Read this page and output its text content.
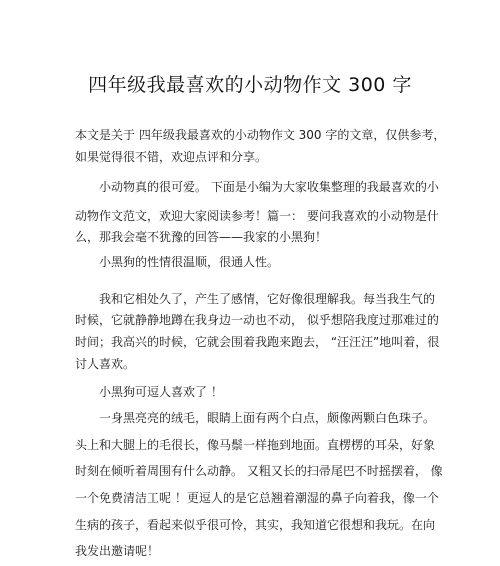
四年级我最喜欢的小动物作文 300 字
本文是关于 四年级我最喜欢的小动物作文 300 字的文章，仅供参考，
如果觉得很不错，欢迎点评和分享。
小动物真的很可爱。 下面是小编为大家收集整理的我最喜欢的小
动物作文范文，欢迎大家阅读参考！篇一： 要问我喜欢的小动物是什
么，那我会毫不犹豫的回答——我家的小黑狗！
小黑狗的性情很温顺，很通人性。
我和它相处久了，产生了感情，它好像很理解我。每当我生气的
时候，它就静静地蹲在我身边一动也不动， 似乎想陪我度过那难过的
时间；我高兴的时候，它就会围着我跑来跑去， “汪汪汪”地叫着，很
讨人喜欢。
小黑狗可逗人喜欢了 ！
一身黑亮亮的绒毛，眼睛上面有两个白点，颇像两颗白色珠子。
头上和大腿上的毛很长，像马鬃一样拖到地面。直楞楞的耳朵，好象
时刻在倾听着周围有什么动静。 又粗又长的扫帚尾巴不时摇摆着， 像
一个免费清洁工呢 ！更逗人的是它总翘着潮湿的鼻子向着我，像一个
生病的孩子，看起来似乎很可怜，其实，我知道它很想和我玩。在向
我发出邀请呢！
